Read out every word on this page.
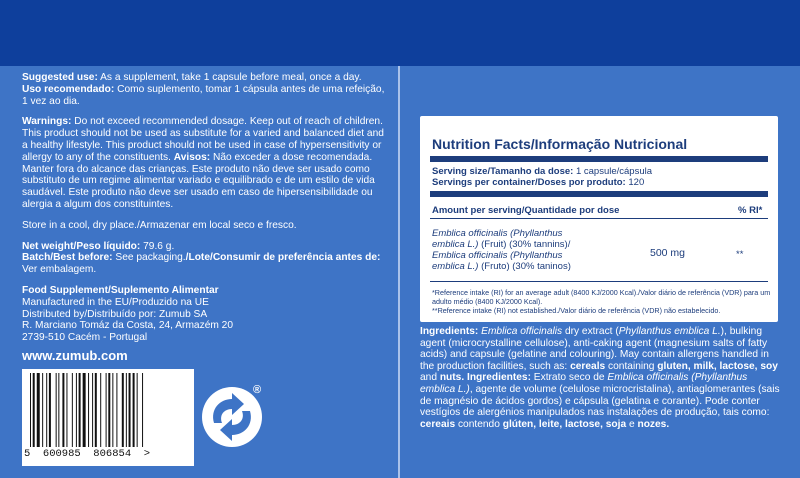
Suggested use: As a supplement, take 1 capsule before meal, once a day.

Uso recomendado: Como suplemento, tomar 1 cápsula antes de uma refeição, 1 vez ao dia.

Warnings: Do not exceed recommended dosage. Keep out of reach of children. This product should not be used as substitute for a varied and balanced diet and a healthy lifestyle. This product should not be used in case of hypersensitivity or allergy to any of the constituents. Avisos: Não exceder a dose recomendada. Manter fora do alcance das crianças. Este produto não deve ser usado como substituto de um regime alimentar variado e equilibrado e de um estilo de vida saudável. Este produto não deve ser usado em caso de hipersensibilidade ou alergia a algum dos constituintes.

Store in a cool, dry place./Armazenar em local seco e fresco.

Net weight/Peso líquido: 79.6 g.

Batch/Best before: See packaging./Lote/Consumir de preferência antes de: Ver embalagem.

Food Supplement/Suplemento Alimentar

Manufactured in the EU/Produzido na UE

Distributed by/Distribuído por: Zumub SA

R. Marciano Tomáz da Costa, 24, Armazém 20

2739-510 Cacém - Portugal

www.zumub.com

5  600985  806854  >
®
Nutrition Facts/Informação Nutricional
Serving size/Tamanho da dose: 1 capsule/cápsula
Servings per container/Doses por produto: 120
Amount per serving/Quantidade por dose	% RI*
Emblica officinalis (Phyllanthus
emblica L.) (Fruit) (30% tannins)/
Emblica officinalis (Phyllanthus
emblica L.) (Fruto) (30% taninos)
500 mg	**
*Reference intake (RI) for an average adult (8400 KJ/2000 Kcal)./Valor diário de referência (VDR) para um adulto médio (8400 KJ/2000 Kcal).
**Reference intake (RI) not established./Valor diário de referência (VDR) não estabelecido.
Ingredients: Emblica officinalis dry extract (Phyllanthus emblica L.), bulking agent (microcrystalline cellulose), anti-caking agent (magnesium salts of fatty acids) and capsule (gelatine and colouring). May contain allergens handled in the production facilities, such as: cereals containing gluten, milk, lactose, soy and nuts. Ingredientes: Extrato seco de Emblica officinalis (Phyllanthus emblica L.), agente de volume (celulose microcristalina), antiaglomerantes (sais de magnésio de ácidos gordos) e cápsula (gelatina e corante). Pode conter vestígios de alergénios manipulados nas instalações de produção, tais como: cereais contendo glúten, leite, lactose, soja e nozes.
